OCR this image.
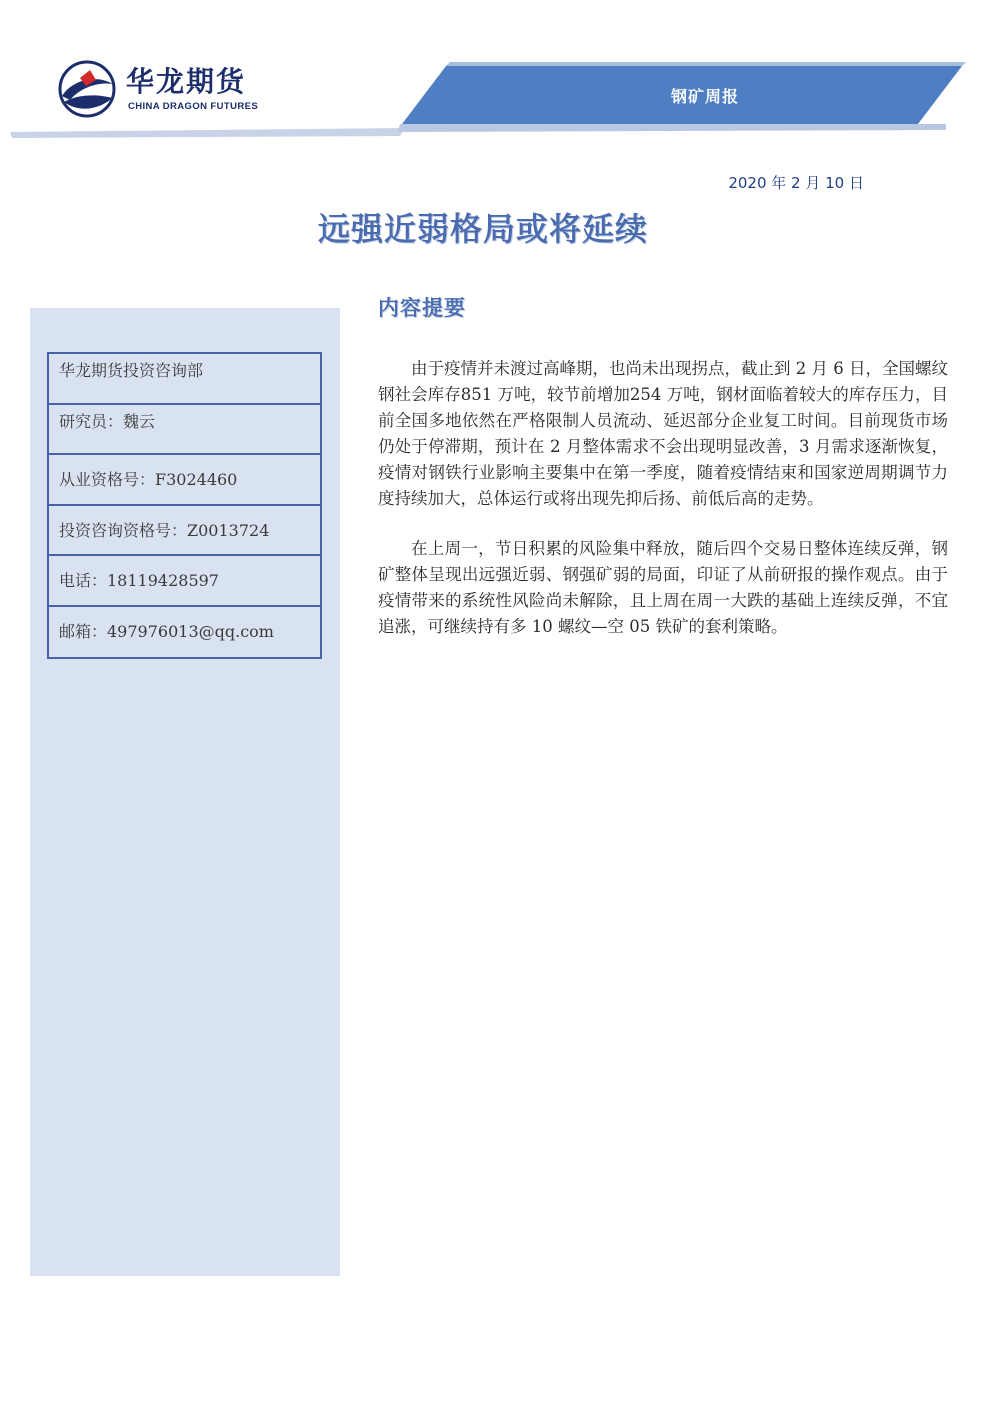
华龙期货
CHINA DRAGON FUTURES
钢矿周报
2020 年 2 月 10 日
远强近弱格局或将延续
华龙期货投资咨询部
研究员：魏云
从业资格号：F3024460
投资咨询资格号：Z0013724
电话：18119428597
邮箱：497976013@qq.com
内容提要

由于疫情并未渡过高峰期，也尚未出现拐点，截止到 2 月 6 日，全国螺纹钢社会库存851 万吨，较节前增加254 万吨，钢材面临着较大的库存压力，目前全国多地依然在严格限制人员流动、延迟部分企业复工时间。目前现货市场仍处于停滞期，预计在 2 月整体需求不会出现明显改善，3 月需求逐渐恢复，疫情对钢铁行业影响主要集中在第一季度，随着疫情结束和国家逆周期调节力度持续加大，总体运行或将出现先抑后扬、前低后高的走势。

在上周一，节日积累的风险集中释放，随后四个交易日整体连续反弹，钢矿整体呈现出远强近弱、钢强矿弱的局面，印证了从前研报的操作观点。由于疫情带来的系统性风险尚未解除，且上周在周一大跌的基础上连续反弹，不宜追涨，可继续持有多 10 螺纹—空 05 铁矿的套利策略。
